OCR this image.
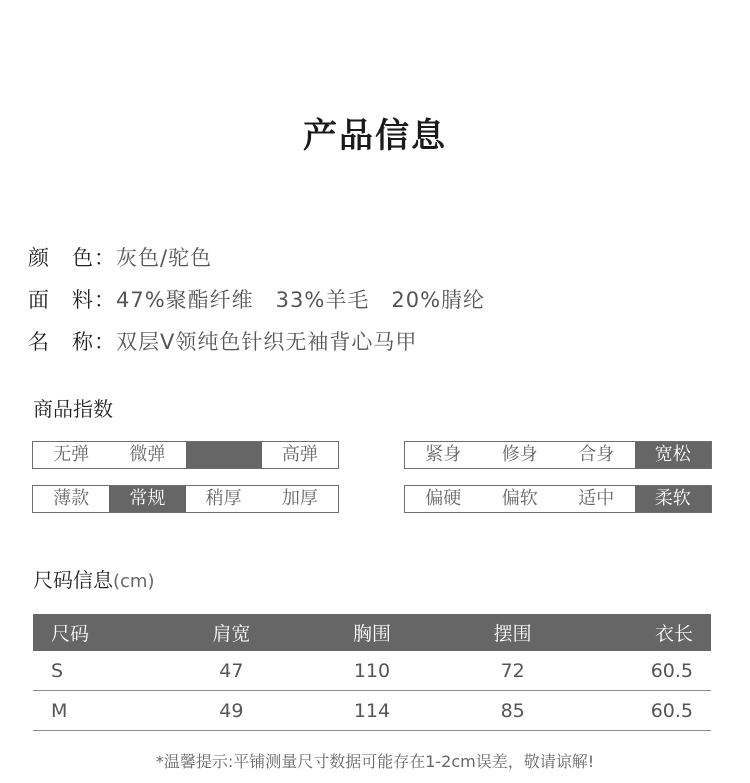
产品信息
颜　色：灰色/驼色
面　料：47%聚酯纤维　33%羊毛　20%腈纶
名　称：双层V领纯色针织无袖背心马甲
商品指数
无弹	微弹	高弹	紧身	修身	合身	宽松
薄款	常规	稍厚	加厚	偏硬	偏软	适中	柔软
尺码信息(cm)
尺码	肩宽	胸围	摆围	衣长
S	47	110	72	60.5
M	49	114	85	60.5
*温馨提示:平铺测量尺寸数据可能存在1-2cm误差，敬请谅解!
